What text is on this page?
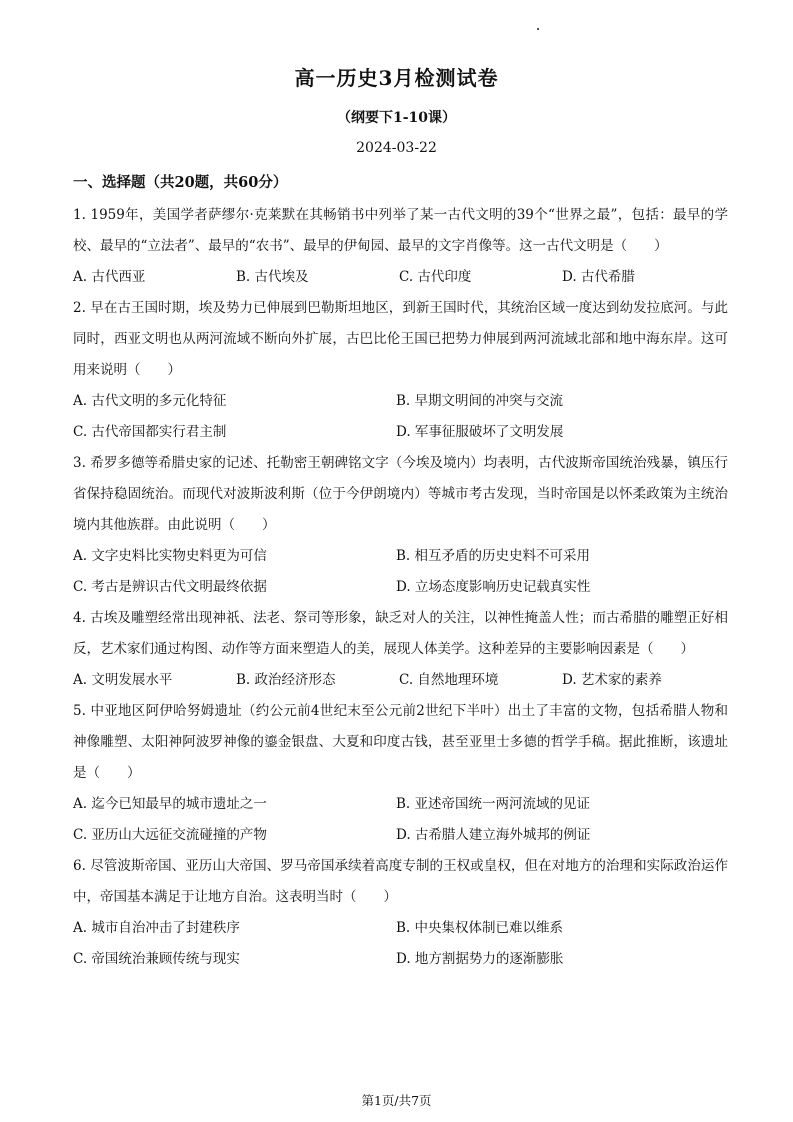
高一历史3月检测试卷
（纲要下1-10课）
2024-03-22
一、选择题（共20题，共60分）

1. 1959年，美国学者萨缪尔·克莱默在其畅销书中列举了某一古代文明的39个“世界之最”，包括：最早的学校、最早的“立法者”、最早的“农书”、最早的伊甸园、最早的文字肖像等。这一古代文明是（　　）

A. 古代西亚	B. 古代埃及	C. 古代印度	D. 古代希腊

2. 早在古王国时期，埃及势力已伸展到巴勒斯坦地区，到新王国时代，其统治区域一度达到幼发拉底河。与此同时，西亚文明也从两河流域不断向外扩展，古巴比伦王国已把势力伸展到两河流域北部和地中海东岸。这可用来说明（　　）

A. 古代文明的多元化特征	B. 早期文明间的冲突与交流
C. 古代帝国都实行君主制	D. 军事征服破坏了文明发展

3. 希罗多德等希腊史家的记述、托勒密王朝碑铭文字（今埃及境内）均表明，古代波斯帝国统治残暴，镇压行省保持稳固统治。而现代对波斯波利斯（位于今伊朗境内）等城市考古发现，当时帝国是以怀柔政策为主统治境内其他族群。由此说明（　　）

A. 文字史料比实物史料更为可信	B. 相互矛盾的历史史料不可采用
C. 考古是辨识古代文明最终依据	D. 立场态度影响历史记载真实性

4. 古埃及雕塑经常出现神祇、法老、祭司等形象，缺乏对人的关注，以神性掩盖人性；而古希腊的雕塑正好相反，艺术家们通过构图、动作等方面来塑造人的美，展现人体美学。这种差异的主要影响因素是（　　）

A. 文明发展水平	B. 政治经济形态	C. 自然地理环境	D. 艺术家的素养

5. 中亚地区阿伊哈努姆遗址（约公元前4世纪末至公元前2世纪下半叶）出土了丰富的文物，包括希腊人物和神像雕塑、太阳神阿波罗神像的鎏金银盘、大夏和印度古钱，甚至亚里士多德的哲学手稿。据此推断，该遗址是（　　）

A. 迄今已知最早的城市遗址之一	B. 亚述帝国统一两河流域的见证
C. 亚历山大远征交流碰撞的产物	D. 古希腊人建立海外城邦的例证

6. 尽管波斯帝国、亚历山大帝国、罗马帝国承续着高度专制的王权或皇权，但在对地方的治理和实际政治运作中，帝国基本满足于让地方自治。这表明当时（　　）

A. 城市自治冲击了封建秩序	B. 中央集权体制已难以维系
C. 帝国统治兼顾传统与现实	D. 地方割据势力的逐渐膨胀
第1页/共7页
